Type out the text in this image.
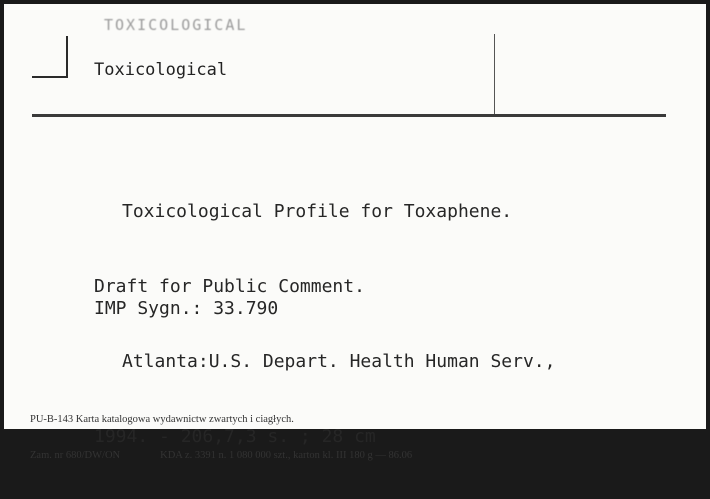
TOXICOLOGICAL
Toxicological

Toxicological Profile for Toxaphene.

Draft for Public Comment.

Atlanta:U.S. Depart. Health Human Serv.,

1994. - 206,7,3 s. ; 28 cm

IMP Sygn.: 33.790

PU-B-143 Karta katalogowa wydawnictw zwartych i ciagłych.

Zam. nr 680/DW/ON	KDA z. 3391 n. 1 080 000 szt., karton kl. III 180 g — 86.06
